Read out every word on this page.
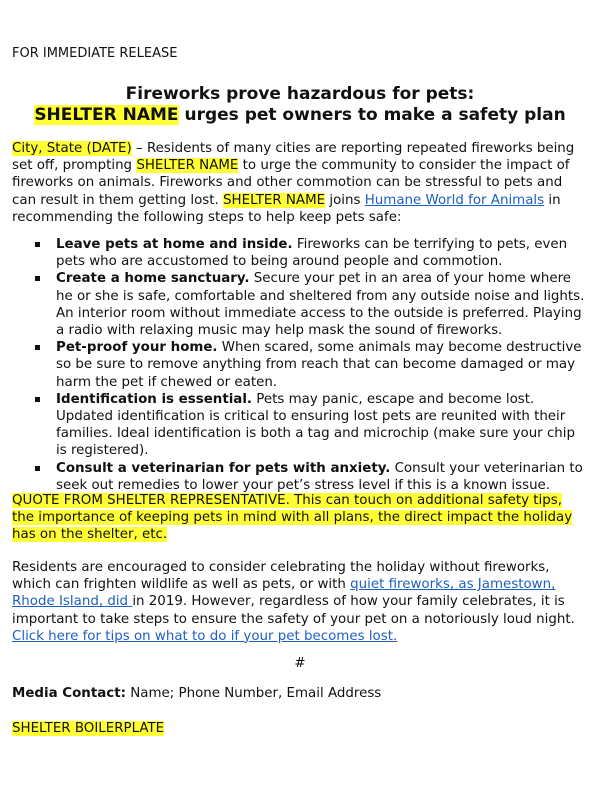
FOR IMMEDIATE RELEASE
Fireworks prove hazardous for pets:
SHELTER NAME urges pet owners to make a safety plan

City, State (DATE) – Residents of many cities are reporting repeated fireworks being set off, prompting SHELTER NAME to urge the community to consider the impact of fireworks on animals. Fireworks and other commotion can be stressful to pets and can result in them getting lost. SHELTER NAME joins Humane World for Animals in recommending the following steps to help keep pets safe:

Leave pets at home and inside. Fireworks can be terrifying to pets, even pets who are accustomed to being around people and commotion.
Create a home sanctuary. Secure your pet in an area of your home where he or she is safe, comfortable and sheltered from any outside noise and lights. An interior room without immediate access to the outside is preferred. Playing a radio with relaxing music may help mask the sound of fireworks.
Pet-proof your home. When scared, some animals may become destructive so be sure to remove anything from reach that can become damaged or may harm the pet if chewed or eaten.
Identification is essential. Pets may panic, escape and become lost. Updated identification is critical to ensuring lost pets are reunited with their families. Ideal identification is both a tag and microchip (make sure your chip is registered).
Consult a veterinarian for pets with anxiety. Consult your veterinarian to seek out remedies to lower your pet’s stress level if this is a known issue.

QUOTE FROM SHELTER REPRESENTATIVE. This can touch on additional safety tips, the importance of keeping pets in mind with all plans, the direct impact the holiday has on the shelter, etc.

Residents are encouraged to consider celebrating the holiday without fireworks, which can frighten wildlife as well as pets, or with quiet fireworks, as Jamestown, Rhode Island, did in 2019. However, regardless of how your family celebrates, it is important to take steps to ensure the safety of your pet on a notoriously loud night. Click here for tips on what to do if your pet becomes lost.

#
Media Contact: Name; Phone Number, Email Address
SHELTER BOILERPLATE
